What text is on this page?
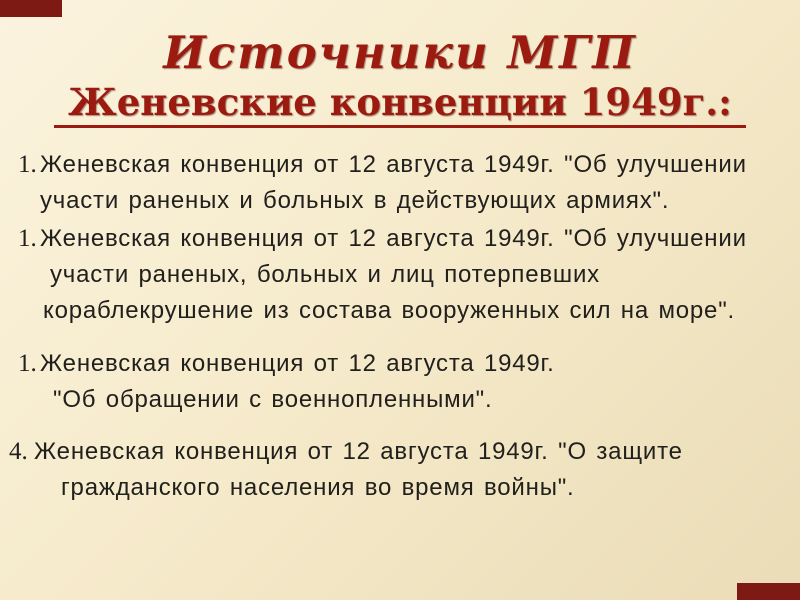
Источники МГП
Женевские конвенции 1949г.:
1. Женевская конвенция от 12 августа 1949г. "Об улучшении
участи раненых и больных в действующих армиях".
1. Женевская конвенция от 12 августа 1949г. "Об улучшении
участи раненых, больных и лиц потерпевших
кораблекрушение из состава вооруженных сил на море".
1. Женевская конвенция от 12 августа 1949г.
"Об обращении с военнопленными".
4. Женевская конвенция от 12 августа 1949г. "О защите
гражданского населения во время войны".
